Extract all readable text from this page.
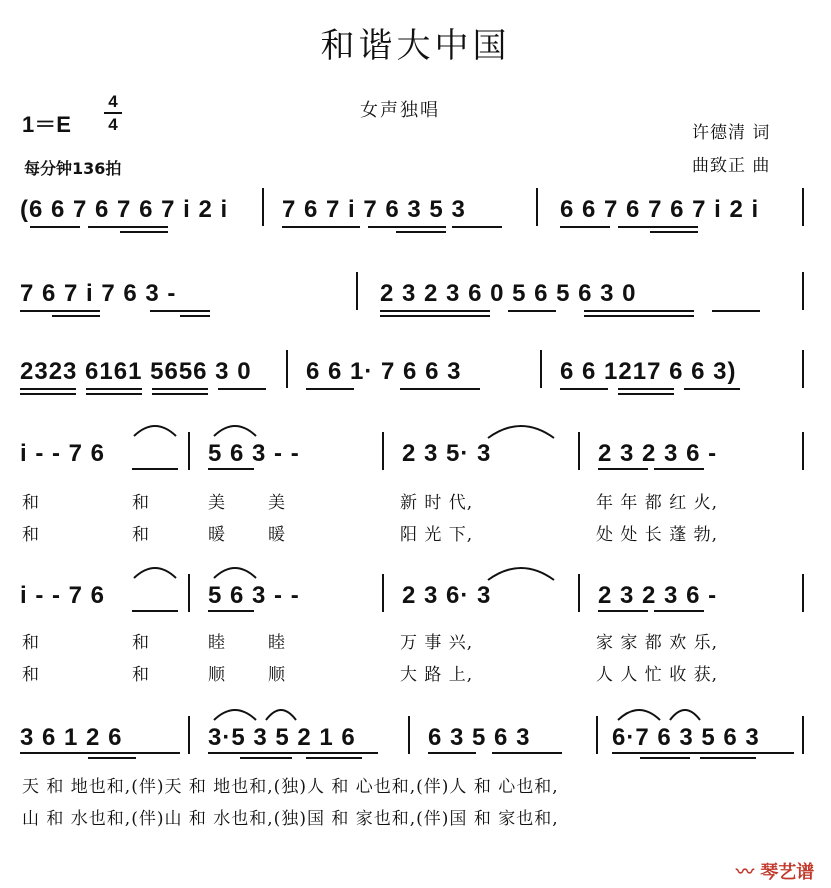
和谐大中国
女声独唱
1＝E
4
4
每分钟136拍
许德清 词
曲致正 曲
(6 6 7 6 7 6 7 i 2 i 7 6 7 i 7 6 3 5 3	6 6 7 6 7 6 7 i 2 i
7 6 7 i 7 6 3 -	2 3 2 3 6 0 5 6 5 6 3 0
2323 6161 5656 3 0 6 6 1· 7 6 6 3	6 6 1217 6 6 3)
i - - 7 6	5 6 3 - -	2 3 5· 3	2 3 2 3 6 -
和	和	美 美	新 时 代,	年 年 都 红 火,
和	和	暖 暖	阳 光 下,	处 处 长 蓬 勃,
i - - 7 6	5 6 3 - -	2 3 6· 3	2 3 2 3 6 -
和	和	睦 睦	万 事 兴,	家 家 都 欢 乐,
和	和	顺 顺	大 路 上,	人 人 忙 收 获,
3 6 1 2 6	3·5 3 5 2 1 6	6 3 5 6 3	6·7 6 3 5 6 3
天 和 地也和,(伴)天 和 地也和,(独)人 和 心也和,(伴)人 和 心也和,
山 和 水也和,(伴)山 和 水也和,(独)国 和 家也和,(伴)国 和 家也和,
〰 琴艺谱
